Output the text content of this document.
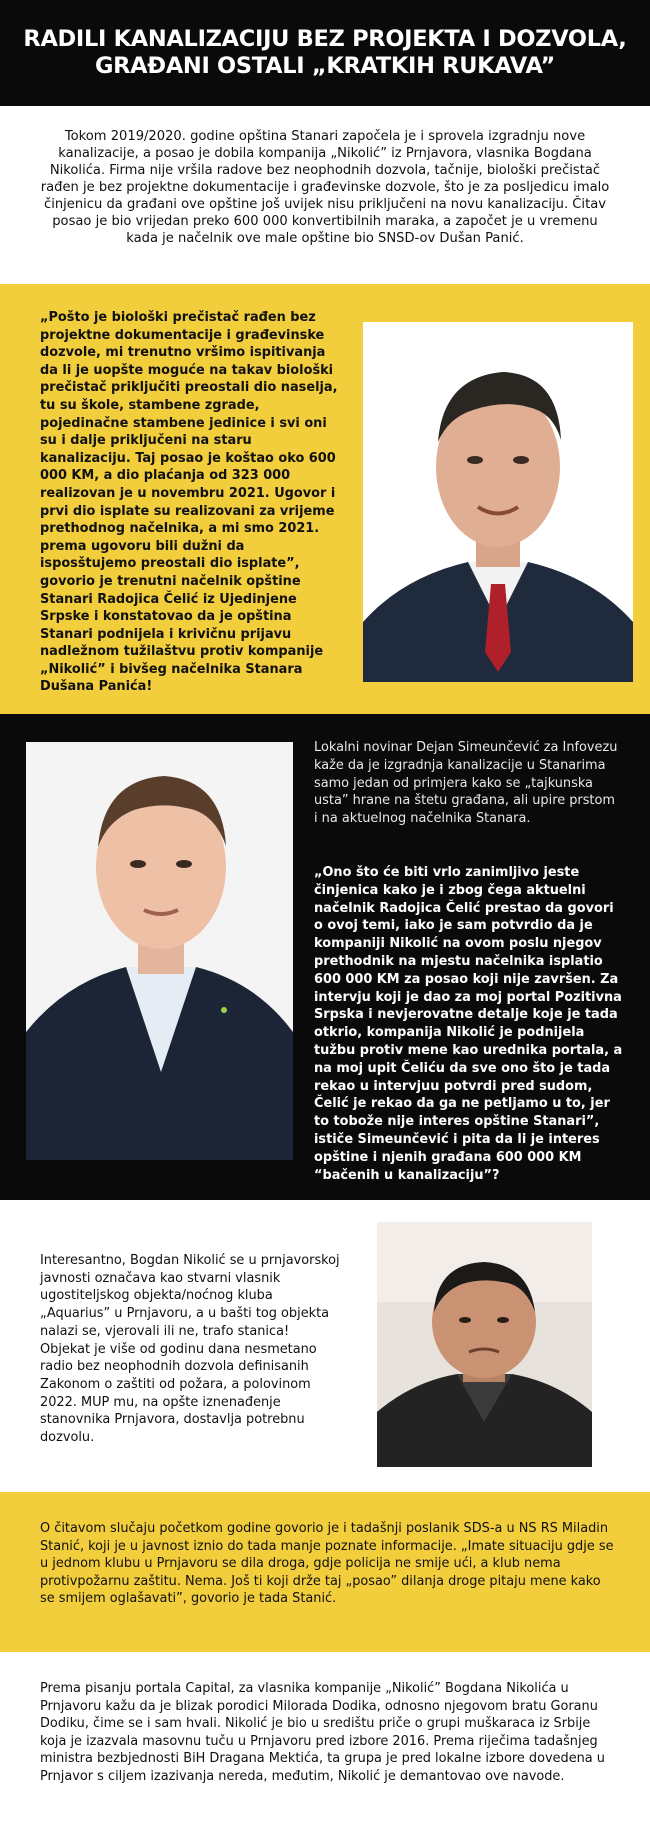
RADILI KANALIZACIJU BEZ PROJEKTA I DOZVOLA,
GRAĐANI OSTALI „KRATKIH RUKAVA”

Tokom 2019/2020. godine opština Stanari započela je i sprovela izgradnju nove kanalizacije, a posao je dobila kompanija „Nikolić” iz Prnjavora, vlasnika Bogdana Nikolića. Firma nije vršila radove bez neophodnih dozvola, tačnije, biološki prečistač rađen je bez projektne dokumentacije i građevinske dozvole, što je za posljedicu imalo činjenicu da građani ove opštine još uvijek nisu priključeni na novu kanalizaciju. Čitav posao je bio vrijedan preko 600 000 konvertibilnih maraka, a započet je u vremenu kada je načelnik ove male opštine bio SNSD-ov Dušan Panić.

„Pošto je biološki prečistač rađen bez projektne dokumentacije i građevinske dozvole, mi trenutno vršimo ispitivanja da li je uopšte moguće na takav biološki prečistač priključiti preostali dio naselja, tu su škole, stambene zgrade, pojedinačne stambene jedinice i svi oni su i dalje priključeni na staru kanalizaciju. Taj posao je koštao oko 600 000 KM, a dio plaćanja od 323 000 realizovan je u novembru 2021. Ugovor i prvi dio isplate su realizovani za vrijeme prethodnog načelnika, a mi smo 2021. prema ugovoru bili dužni da isposštujemo preostali dio isplate”, govorio je trenutni načelnik opštine Stanari Radojica Čelić iz Ujedinjene Srpske i konstatovao da je opština Stanari podnijela i krivičnu prijavu nadležnom tužilaštvu protiv kompanije „Nikolić” i bivšeg načelnika Stanara Dušana Panića!

Lokalni novinar Dejan Simeunčević za Infovezu kaže da je izgradnja kanalizacije u Stanarima samo jedan od primjera kako se „tajkunska usta” hrane na štetu građana, ali upire prstom i na aktuelnog načelnika Stanara.

„Ono što će biti vrlo zanimljivo jeste činjenica kako je i zbog čega aktuelni načelnik Radojica Čelić prestao da govori o ovoj temi, iako je sam potvrdio da je kompaniji Nikolić na ovom poslu njegov prethodnik na mjestu načelnika isplatio 600 000 KM za posao koji nije završen. Za intervju koji je dao za moj portal Pozitivna Srpska i nevjerovatne detalje koje je tada otkrio, kompanija Nikolić je podnijela tužbu protiv mene kao urednika portala, a na moj upit Čeliću da sve ono što je tada rekao u intervjuu potvrdi pred sudom, Čelić je rekao da ga ne petljamo u to, jer to tobože nije interes opštine Stanari”, ističe Simeunčević i pita da li je interes opštine i njenih građana 600 000 KM “bačenih u kanalizaciju”?

Interesantno, Bogdan Nikolić se u prnjavorskoj javnosti označava kao stvarni vlasnik ugostiteljskog objekta/noćnog kluba „Aquarius” u Prnjavoru, a u bašti tog objekta nalazi se, vjerovali ili ne, trafo stanica! Objekat je više od godinu dana nesmetano radio bez neophodnih dozvola definisanih Zakonom o zaštiti od požara, a polovinom 2022. MUP mu, na opšte iznenađenje stanovnika Prnjavora, dostavlja potrebnu dozvolu.

O čitavom slučaju početkom godine govorio je i tadašnji poslanik SDS-a u NS RS Miladin Stanić, koji je u javnost iznio do tada manje poznate informacije. „Imate situaciju gdje se u jednom klubu u Prnjavoru se dila droga, gdje policija ne smije ući, a klub nema protivpožarnu zaštitu. Nema. Još ti koji drže taj „posao” dilanja droge pitaju mene kako se smijem oglašavati”, govorio je tada Stanić.

Prema pisanju portala Capital, za vlasnika kompanije „Nikolić” Bogdana Nikolića u Prnjavoru kažu da je blizak porodici Milorada Dodika, odnosno njegovom bratu Goranu Dodiku, čime se i sam hvali. Nikolić je bio u središtu priče o grupi muškaraca iz Srbije koja je izazvala masovnu tuču u Prnjavoru pred izbore 2016. Prema riječima tadašnjeg ministra bezbjednosti BiH Dragana Mektića, ta grupa je pred lokalne izbore dovedena u Prnjavor s ciljem izazivanja nereda, međutim, Nikolić je demantovao ove navode.
